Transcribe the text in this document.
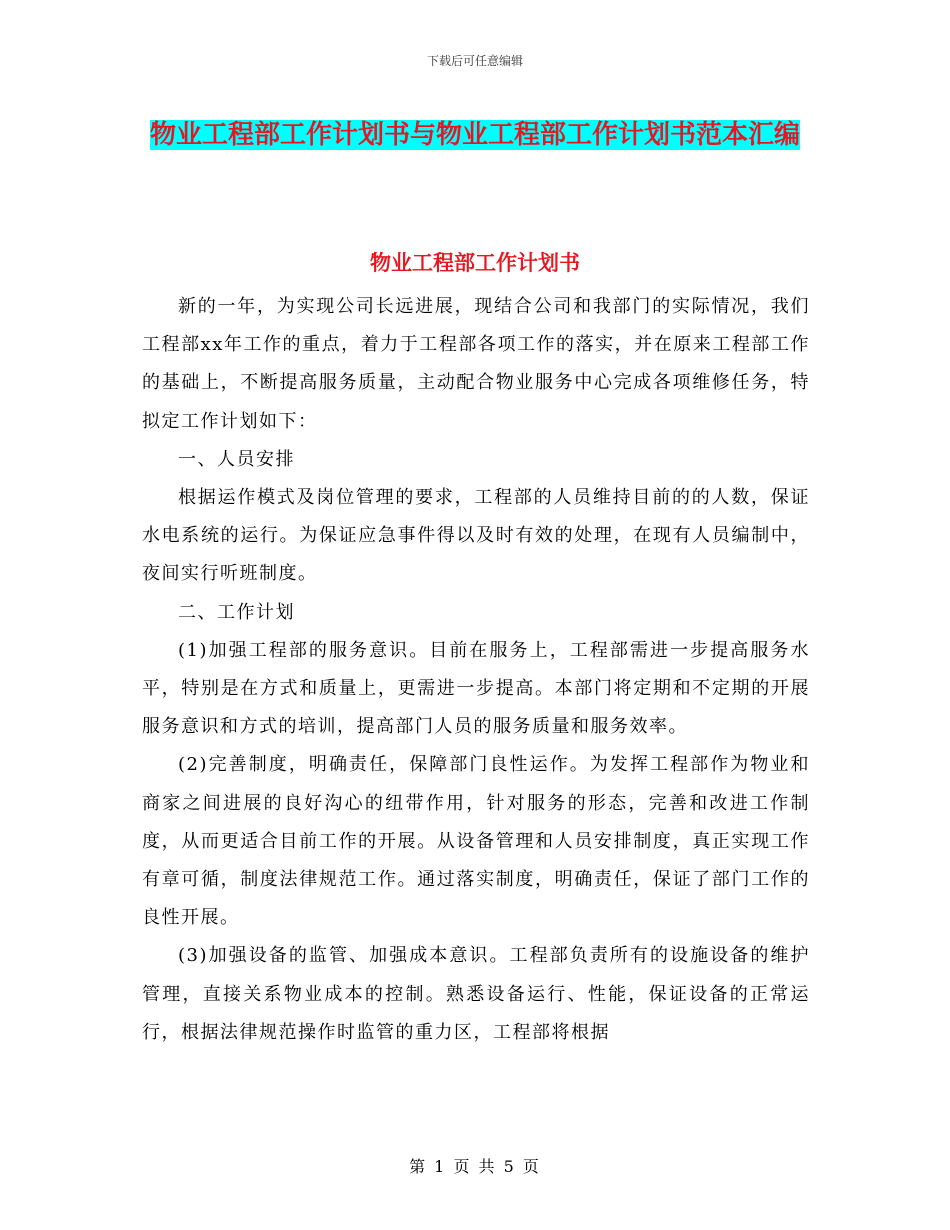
下载后可任意编辑
物业工程部工作计划书与物业工程部工作计划书范本汇编
物业工程部工作计划书

新的一年，为实现公司长远进展，现结合公司和我部门的实际情况，我们工程部xx年工作的重点，着力于工程部各项工作的落实，并在原来工程部工作的基础上，不断提高服务质量，主动配合物业服务中心完成各项维修任务，特拟定工作计划如下：

一、人员安排

根据运作模式及岗位管理的要求，工程部的人员维持目前的的人数，保证水电系统的运行。为保证应急事件得以及时有效的处理，在现有人员编制中，夜间实行听班制度。

二、工作计划

(1)加强工程部的服务意识。目前在服务上，工程部需进一步提高服务水平，特别是在方式和质量上，更需进一步提高。本部门将定期和不定期的开展服务意识和方式的培训，提高部门人员的服务质量和服务效率。

(2)完善制度，明确责任，保障部门良性运作。为发挥工程部作为物业和商家之间进展的良好沟心的纽带作用，针对服务的形态，完善和改进工作制度，从而更适合目前工作的开展。从设备管理和人员安排制度，真正实现工作有章可循，制度法律规范工作。通过落实制度，明确责任，保证了部门工作的良性开展。

(3)加强设备的监管、加强成本意识。工程部负责所有的设施设备的维护管理，直接关系物业成本的控制。熟悉设备运行、性能，保证设备的正常运行，根据法律规范操作时监管的重力区，工程部将根据

第 1 页 共 5 页
